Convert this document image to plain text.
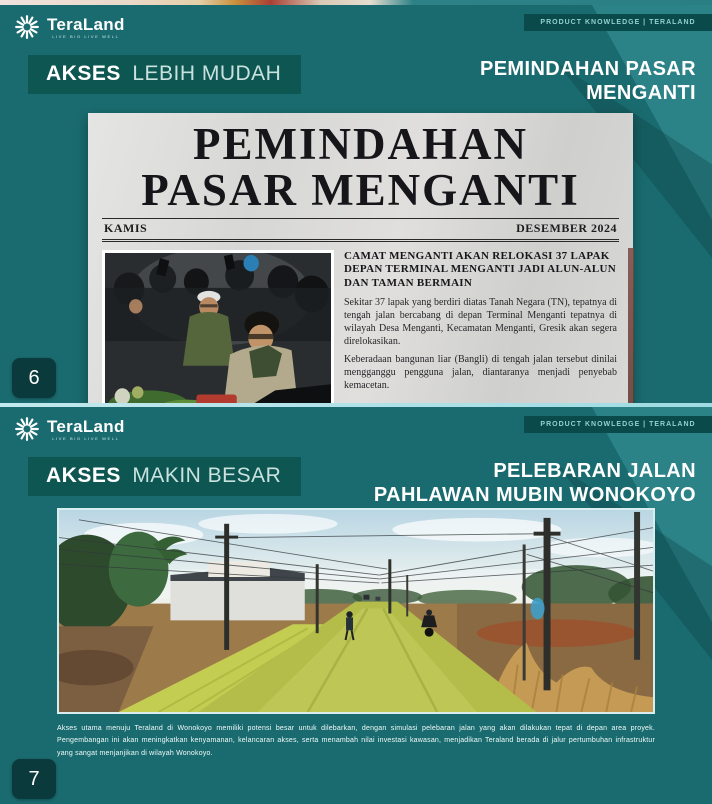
TeraLand
LIVE BIG LIVE WELL
PRODUCT KNOWLEDGE | TERALAND
AKSES LEBIH MUDAH	PEMINDAHAN PASAR
MENGANTI
PEMINDAHAN
PASAR MENGANTI
KAMIS	DESEMBER 2024
CAMAT MENGANTI AKAN RELOKASI 37 LAPAK DEPAN TERMINAL MENGANTI JADI ALUN-ALUN DAN TAMAN BERMAIN

Sekitar 37 lapak yang berdiri diatas Tanah Negara (TN), tepatnya di tengah jalan bercabang di depan Terminal Menganti tepatnya di wilayah Desa Menganti, Kecamatan Menganti, Gresik akan segera direlokasikan.

Keberadaan bangunan liar (Bangli) di tengah jalan tersebut dinilai mengganggu pengguna jalan, diantaranya menjadi penyebab kemacetan.

6
TeraLand
LIVE BIG LIVE WELL
PRODUCT KNOWLEDGE | TERALAND
AKSES MAKIN BESAR	PELEBARAN JALAN
PAHLAWAN MUBIN WONOKOYO

Akses utama menuju Teraland di Wonokoyo memiliki potensi besar untuk dilebarkan, dengan simulasi pelebaran jalan yang akan dilakukan tepat di depan area proyek. Pengembangan ini akan meningkatkan kenyamanan, kelancaran akses, serta menambah nilai investasi kawasan, menjadikan Teraland berada di jalur pertumbuhan infrastruktur yang sangat menjanjikan di wilayah Wonokoyo.

7
